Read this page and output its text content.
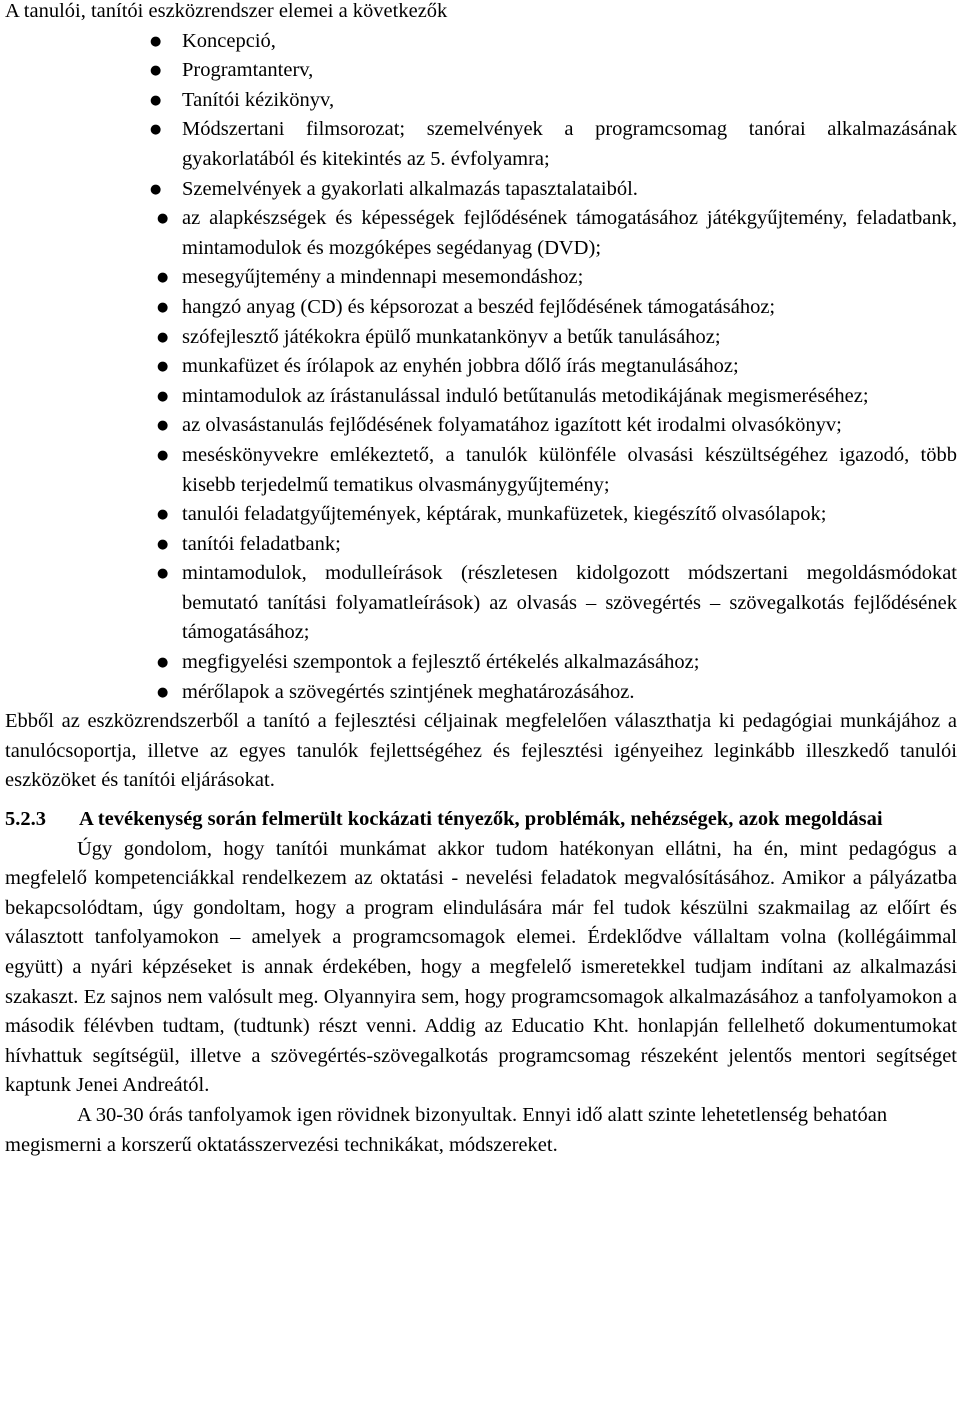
A tanulói, tanítói eszközrendszer elemei a következők

●
Koncepció,
●
Programtanterv,
●
Tanítói kézikönyv,
●
Módszertani filmsorozat; szemelvények a programcsomag tanórai alkalmazásának gyakorlatából és kitekintés az 5. évfolyamra;
●
Szemelvények a gyakorlati alkalmazás tapasztalataiból.
●
az alapkészségek és képességek fejlődésének támogatásához játékgyűjtemény, feladatbank, mintamodulok és mozgóképes segédanyag (DVD);
●
mesegyűjtemény a mindennapi mesemondáshoz;
●
hangzó anyag (CD) és képsorozat a beszéd fejlődésének támogatásához;
●
szófejlesztő játékokra épülő munkatankönyv a betűk tanulásához;
●
munkafüzet és írólapok az enyhén jobbra dőlő írás megtanulásához;
●
mintamodulok az írástanulással induló betűtanulás metodikájának megismeréséhez;
●
az olvasástanulás fejlődésének folyamatához igazított két irodalmi olvasókönyv;
●
meséskönyvekre emlékeztető, a tanulók különféle olvasási készültségéhez igazodó, több kisebb terjedelmű tematikus olvasmánygyűjtemény;
●
tanulói feladatgyűjtemények, képtárak, munkafüzetek, kiegészítő olvasólapok;
●
tanítói feladatbank;
●
mintamodulok, modulleírások (részletesen kidolgozott módszertani megoldásmódokat bemutató tanítási folyamatleírások) az olvasás – szövegértés – szövegalkotás fejlődésének támogatásához;
●
megfigyelési szempontok a fejlesztő értékelés alkalmazásához;
●
mérőlapok a szövegértés szintjének meghatározásához.

Ebből az eszközrendszerből a tanító a fejlesztési céljainak megfelelően választhatja ki pedagógiai munkájához a tanulócsoportja, illetve az egyes tanulók fejlettségéhez és fejlesztési igényeihez leginkább illeszkedő tanulói eszközöket és tanítói eljárásokat.

5.2.3 A tevékenység során felmerült kockázati tényezők, problémák, nehézségek, azok megoldásai

Úgy gondolom, hogy tanítói munkámat akkor tudom hatékonyan ellátni, ha én, mint pedagógus a megfelelő kompetenciákkal rendelkezem az oktatási - nevelési feladatok megvalósításához. Amikor a pályázatba bekapcsolódtam, úgy gondoltam, hogy a program elindulására már fel tudok készülni szakmailag az előírt és választott tanfolyamokon – amelyek a programcsomagok elemei. Érdeklődve vállaltam volna (kollégáimmal együtt) a nyári képzéseket is annak érdekében, hogy a megfelelő ismeretekkel tudjam indítani az alkalmazási szakaszt. Ez sajnos nem valósult meg. Olyannyira sem, hogy programcsomagok alkalmazásához a tanfolyamokon a második félévben tudtam, (tudtunk) részt venni. Addig az Educatio Kht. honlapján fellelhető dokumentumokat hívhattuk segítségül, illetve a szövegértés-szövegalkotás programcsomag részeként jelentős mentori segítséget kaptunk Jenei Andreától.

A 30-30 órás tanfolyamok igen rövidnek bizonyultak. Ennyi idő alatt szinte lehetetlenség behatóan megismerni a korszerű oktatásszervezési technikákat, módszereket.
